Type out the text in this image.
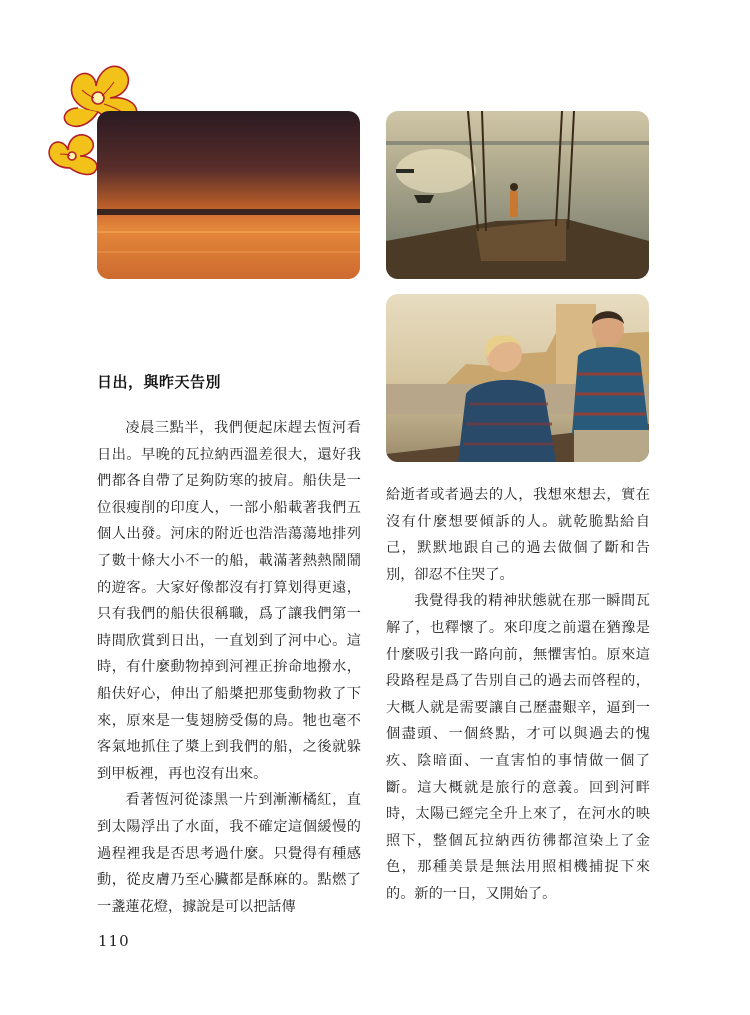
日出，與昨天告別

凌晨三點半，我們便起床趕去恆河看日出。早晚的瓦拉納西溫差很大，還好我們都各自帶了足夠防寒的披肩。船伕是一位很瘦削的印度人，一部小船載著我們五個人出發。河床的附近也浩浩蕩蕩地排列了數十條大小不一的船，載滿著熱熱鬧鬧的遊客。大家好像都沒有打算划得更遠，只有我們的船伕很稱職，爲了讓我們第一時間欣賞到日出，一直划到了河中心。這時，有什麼動物掉到河裡正拚命地撥水，船伕好心，伸出了船槳把那隻動物救了下來，原來是一隻翅膀受傷的鳥。牠也毫不客氣地抓住了槳上到我們的船，之後就躲到甲板裡，再也沒有出來。

看著恆河從漆黑一片到漸漸橘紅，直到太陽浮出了水面，我不確定這個緩慢的過程裡我是否思考過什麼。只覺得有種感動，從皮膚乃至心臟都是酥麻的。點燃了一盞蓮花燈，據說是可以把話傳

給逝者或者過去的人，我想來想去，實在沒有什麼想要傾訴的人。就乾脆點給自己，默默地跟自己的過去做個了斷和告別，卻忍不住哭了。

我覺得我的精神狀態就在那一瞬間瓦解了，也釋懷了。來印度之前還在猶豫是什麼吸引我一路向前，無懼害怕。原來這段路程是爲了告別自己的過去而啓程的，大概人就是需要讓自己歷盡艱辛，逼到一個盡頭、一個終點，才可以與過去的愧疚、陰暗面、一直害怕的事情做一個了斷。這大概就是旅行的意義。回到河畔時，太陽已經完全升上來了，在河水的映照下，整個瓦拉納西彷彿都渲染上了金色，那種美景是無法用照相機捕捉下來的。新的一日，又開始了。

110
